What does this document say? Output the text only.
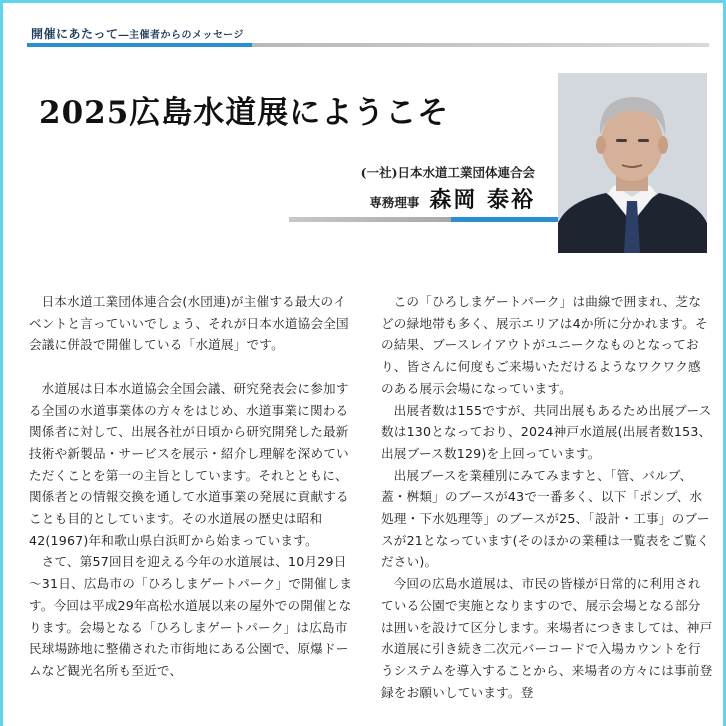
開催にあたって―主催者からのメッセージ
2025広島水道展にようこそ
(一社)日本水道工業団体連合会
専務理事 森岡 泰裕

日本水道工業団体連合会(水団連)が主催する最大のイベントと言っていいでしょう、それが日本水道協会全国会議に併設で開催している「水道展」です。

水道展は日本水道協会全国会議、研究発表会に参加する全国の水道事業体の方々をはじめ、水道事業に関わる関係者に対して、出展各社が日頃から研究開発した最新技術や新製品・サービスを展示・紹介し理解を深めていただくことを第一の主旨としています。それとともに、関係者との情報交換を通して水道事業の発展に貢献することも目的としています。その水道展の歴史は昭和42(1967)年和歌山県白浜町から始まっています。

さて、第57回目を迎える今年の水道展は、10月29日～31日、広島市の「ひろしまゲートパーク」で開催します。今回は平成29年高松水道展以来の屋外での開催となります。会場となる「ひろしまゲートパーク」は広島市民球場跡地に整備された市街地にある公園で、原爆ドームなど観光名所も至近で、

この「ひろしまゲートパーク」は曲線で囲まれ、芝などの緑地帯も多く、展示エリアは4か所に分かれます。その結果、ブースレイアウトがユニークなものとなっており、皆さんに何度もご来場いただけるようなワクワク感のある展示会場になっています。

出展者数は155ですが、共同出展もあるため出展ブース数は130となっており、2024神戸水道展(出展者数153、出展ブース数129)を上回っています。

出展ブースを業種別にみてみますと、「管、バルブ、蓋・桝類」のブースが43で一番多く、以下「ポンプ、水処理・下水処理等」のブースが25、「設計・工事」のブースが21となっています(そのほかの業種は一覧表をご覧ください)。

今回の広島水道展は、市民の皆様が日常的に利用されている公園で実施となりますので、展示会場となる部分は囲いを設けて区分します。来場者につきましては、神戸水道展に引き続き二次元バーコードで入場カウントを行うシステムを導入することから、来場者の方々には事前登録をお願いしています。登
